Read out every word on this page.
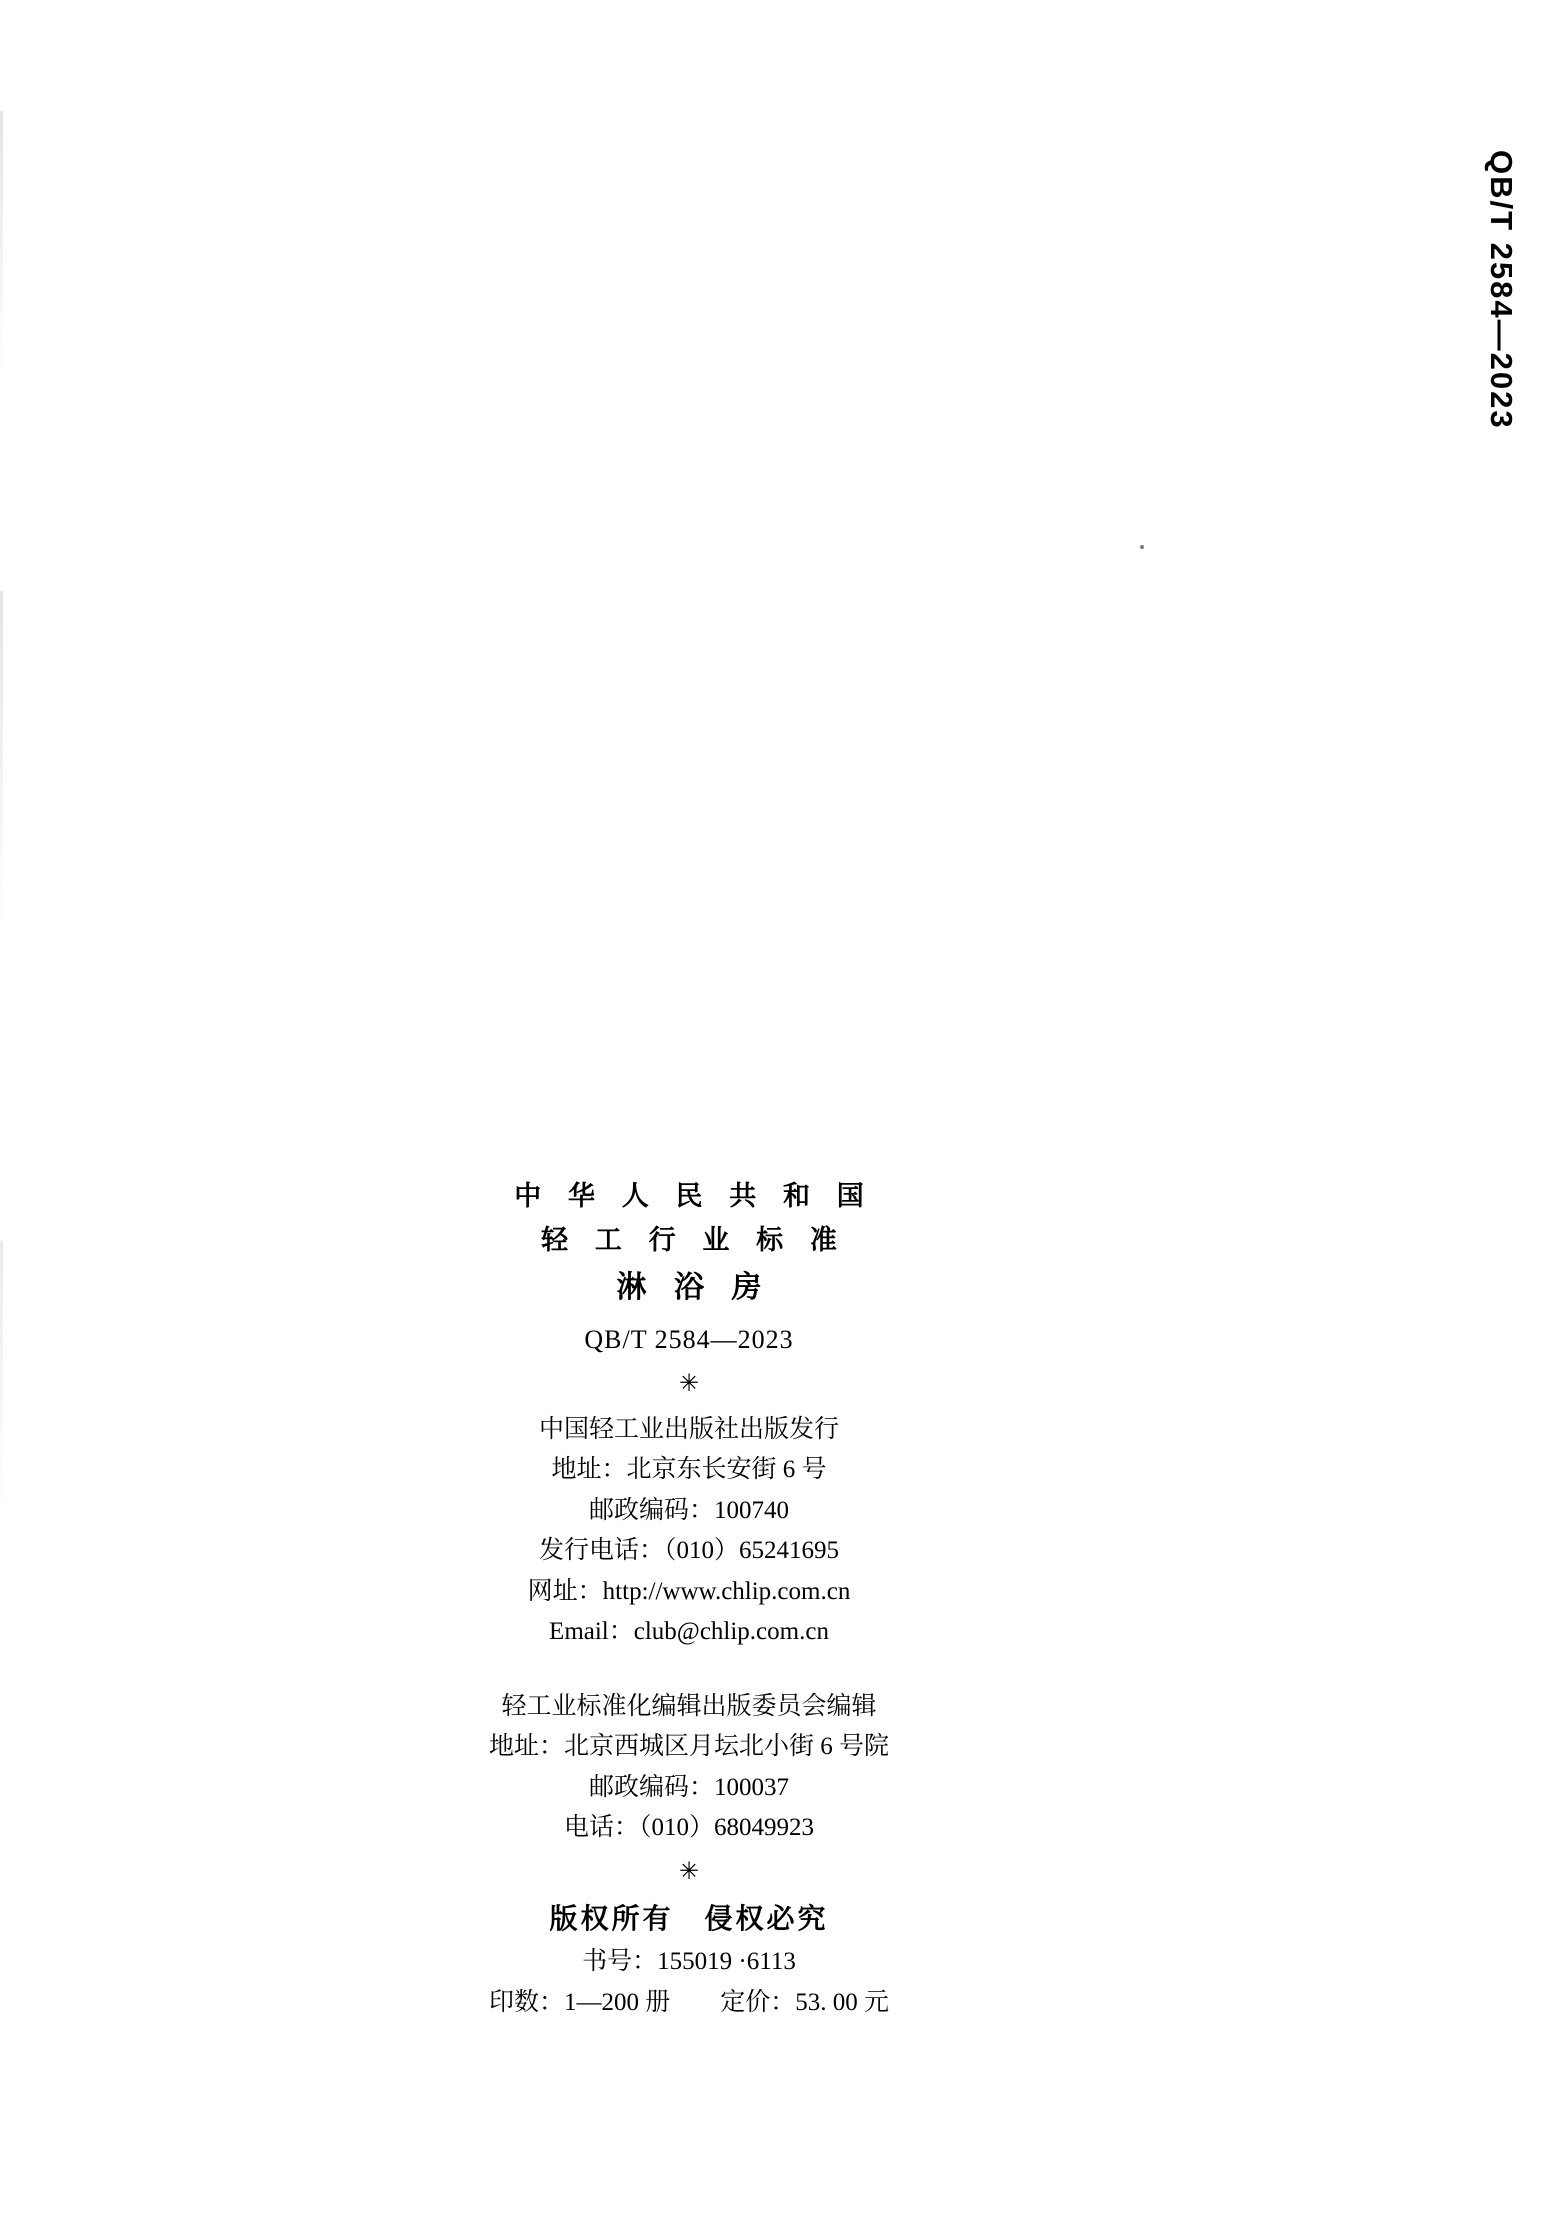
QB/T 2584—2023
中 华 人 民 共 和 国
轻 工 行 业 标 准
淋 浴 房
QB/T 2584—2023
✳
中国轻工业出版社出版发行
地址：北京东长安街 6 号
邮政编码：100740
发行电话：（010）65241695
网址：http://www.chlip.com.cn
Email：club@chlip.com.cn
轻工业标准化编辑出版委员会编辑
地址：北京西城区月坛北小街 6 号院
邮政编码：100037
电话：（010）68049923
✳
版权所有　侵权必究
书号：155019 ·6113
印数：1—200 册　　定价：53. 00 元
